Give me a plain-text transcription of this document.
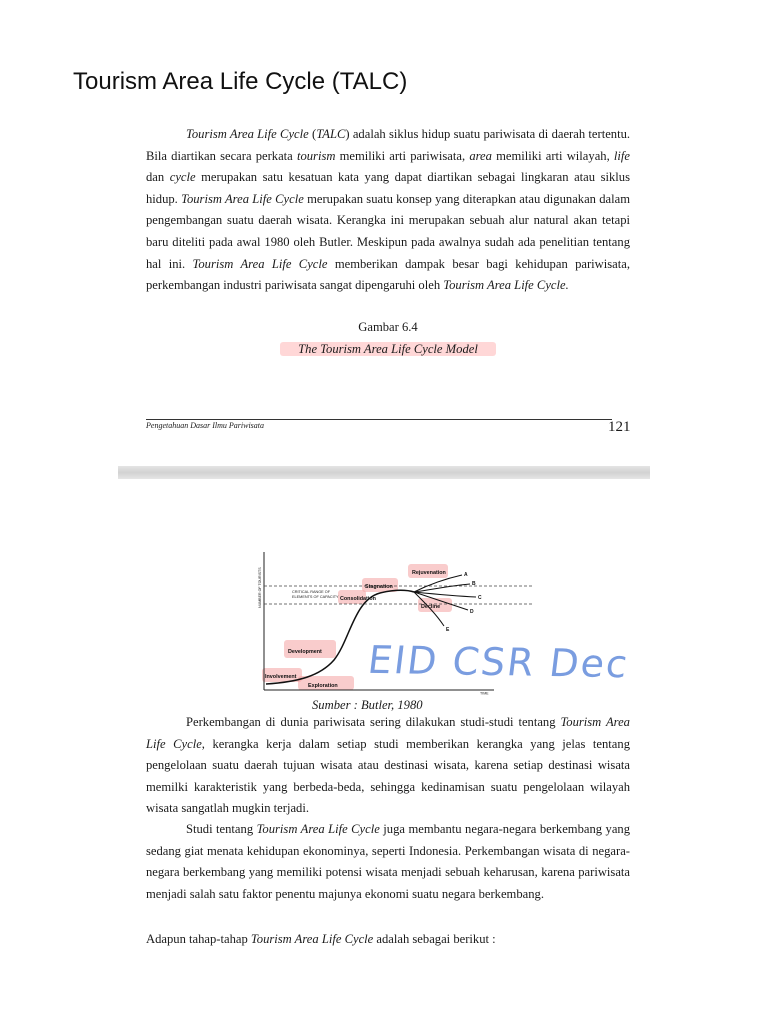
Tourism Area Life Cycle (TALC)

Tourism Area Life Cycle (TALC) adalah siklus hidup suatu pariwisata di daerah tertentu. Bila diartikan secara perkata tourism memiliki arti pariwisata, area memiliki arti wilayah, life dan cycle merupakan satu kesatuan kata yang dapat diartikan sebagai lingkaran atau siklus hidup. Tourism Area Life Cycle merupakan suatu konsep yang diterapkan atau digunakan dalam pengembangan suatu daerah wisata. Kerangka ini merupakan sebuah alur natural akan tetapi baru diteliti pada awal 1980 oleh Butler. Meskipun pada awalnya sudah ada penelitian tentang hal ini. Tourism Area Life Cycle memberikan dampak besar bagi kehidupan pariwisata, perkembangan industri pariwisata sangat dipengaruhi oleh Tourism Area Life Cycle.

Gambar 6.4
The Tourism Area Life Cycle Model
Pengetahuan Dasar Ilmu Pariwisata	121
NUMBER OF TOURISTS
TIME
CRITICAL RANGE OF
ELEMENTS OF CAPACITY
Rejuvenation
Stagnation
Consolidation
Decline
Development
Involvement
Exploration
A
B
C
D
E
EID CSR Dec
Sumber : Butler, 1980

Perkembangan di dunia pariwisata sering dilakukan studi-studi tentang Tourism Area Life Cycle, kerangka kerja dalam setiap studi memberikan kerangka yang jelas tentang pengelolaan suatu daerah tujuan wisata atau destinasi wisata, karena setiap destinasi wisata memilki karakteristik yang berbeda-beda, sehingga kedinamisan suatu pengelolaan wilayah wisata sangatlah mugkin terjadi.

Studi tentang Tourism Area Life Cycle juga membantu negara-negara berkembang yang sedang giat menata kehidupan ekonominya, seperti Indonesia. Perkembangan wisata di negara-negara berkembang yang memiliki potensi wisata menjadi sebuah keharusan, karena pariwisata menjadi salah satu faktor penentu majunya ekonomi suatu negara berkembang.

Adapun tahap-tahap Tourism Area Life Cycle adalah sebagai berikut :
